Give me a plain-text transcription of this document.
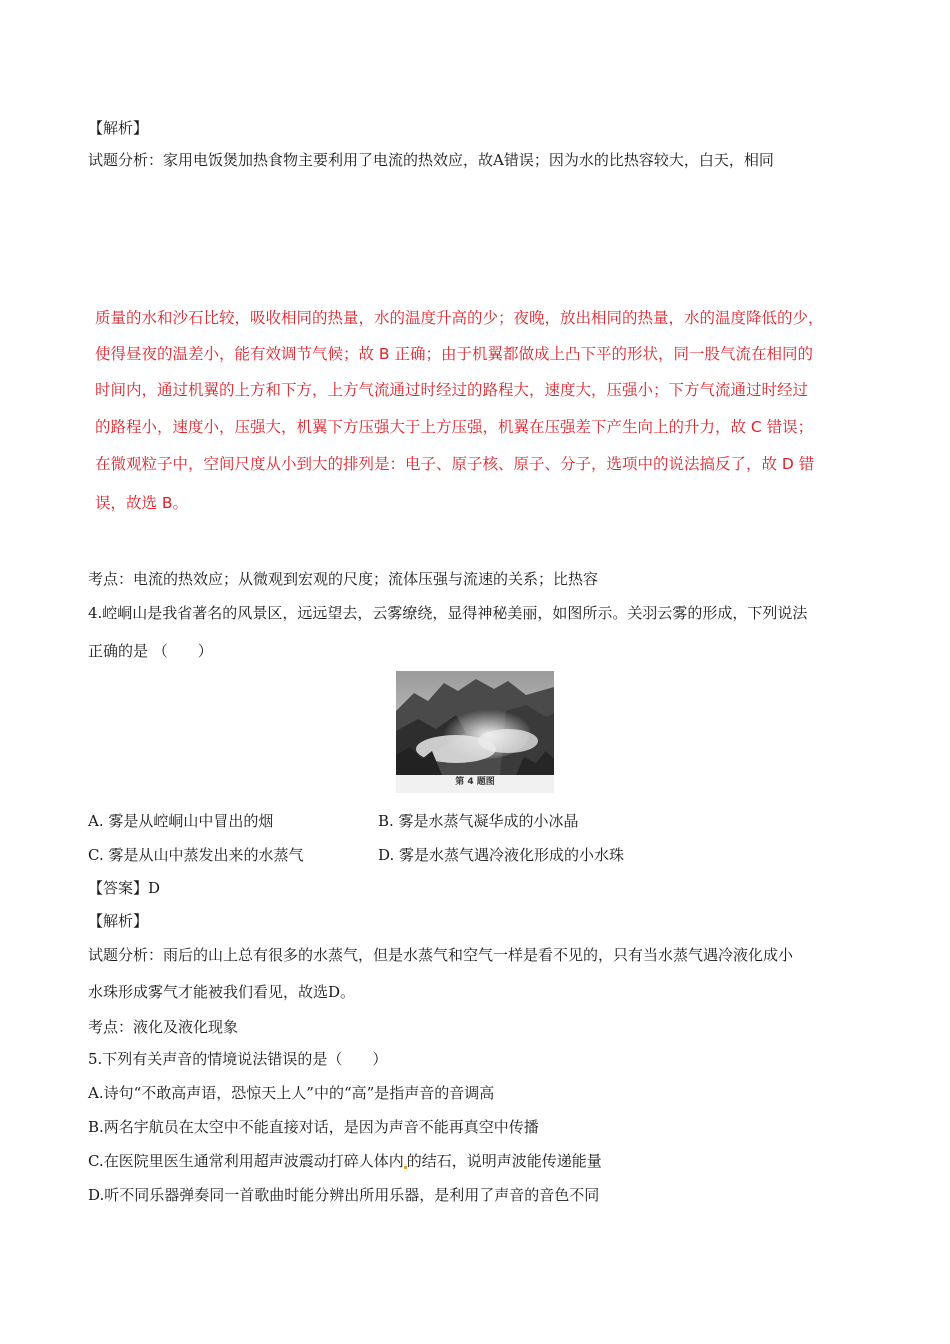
【解析】
试题分析：家用电饭煲加热食物主要利用了电流的热效应，故A错误；因为水的比热容较大，白天，相同
质量的水和沙石比较，吸收相同的热量，水的温度升高的少；夜晚，放出相同的热量，水的温度降低的少，
使得昼夜的温差小，能有效调节气候；故 B 正确；由于机翼都做成上凸下平的形状，同一股气流在相同的
时间内，通过机翼的上方和下方，上方气流通过时经过的路程大，速度大，压强小；下方气流通过时经过
的路程小，速度小，压强大，机翼下方压强大于上方压强，机翼在压强差下产生向上的升力，故 C 错误；
在微观粒子中，空间尺度从小到大的排列是：电子、原子核、原子、分子，选项中的说法搞反了，故 D 错
误，故选 B。
考点：电流的热效应；从微观到宏观的尺度；流体压强与流速的关系；比热容
4.崆峒山是我省著名的风景区，远远望去，云雾缭绕，显得神秘美丽，如图所示。关羽云雾的形成，下列说法
正确的是 （　　）
第 4 题图
A. 雾是从崆峒山中冒出的烟	B. 雾是水蒸气凝华成的小冰晶
C. 雾是从山中蒸发出来的水蒸气	D. 雾是水蒸气遇冷液化形成的小水珠
【答案】D
【解析】
试题分析：雨后的山上总有很多的水蒸气，但是水蒸气和空气一样是看不见的，只有当水蒸气遇冷液化成小
水珠形成雾气才能被我们看见，故选D。
考点：液化及液化现象
5.下列有关声音的情境说法错误的是（　　）
A.诗句“不敢高声语，恐惊天上人”中的“高”是指声音的音调高
B.两名宇航员在太空中不能直接对话，是因为声音不能再真空中传播
C.在医院里医生通常利用超声波震动打碎人体内 的结石，说明声波能传递能量
D.听不同乐器弹奏同一首歌曲时能分辨出所用乐器，是利用了声音的音色不同
